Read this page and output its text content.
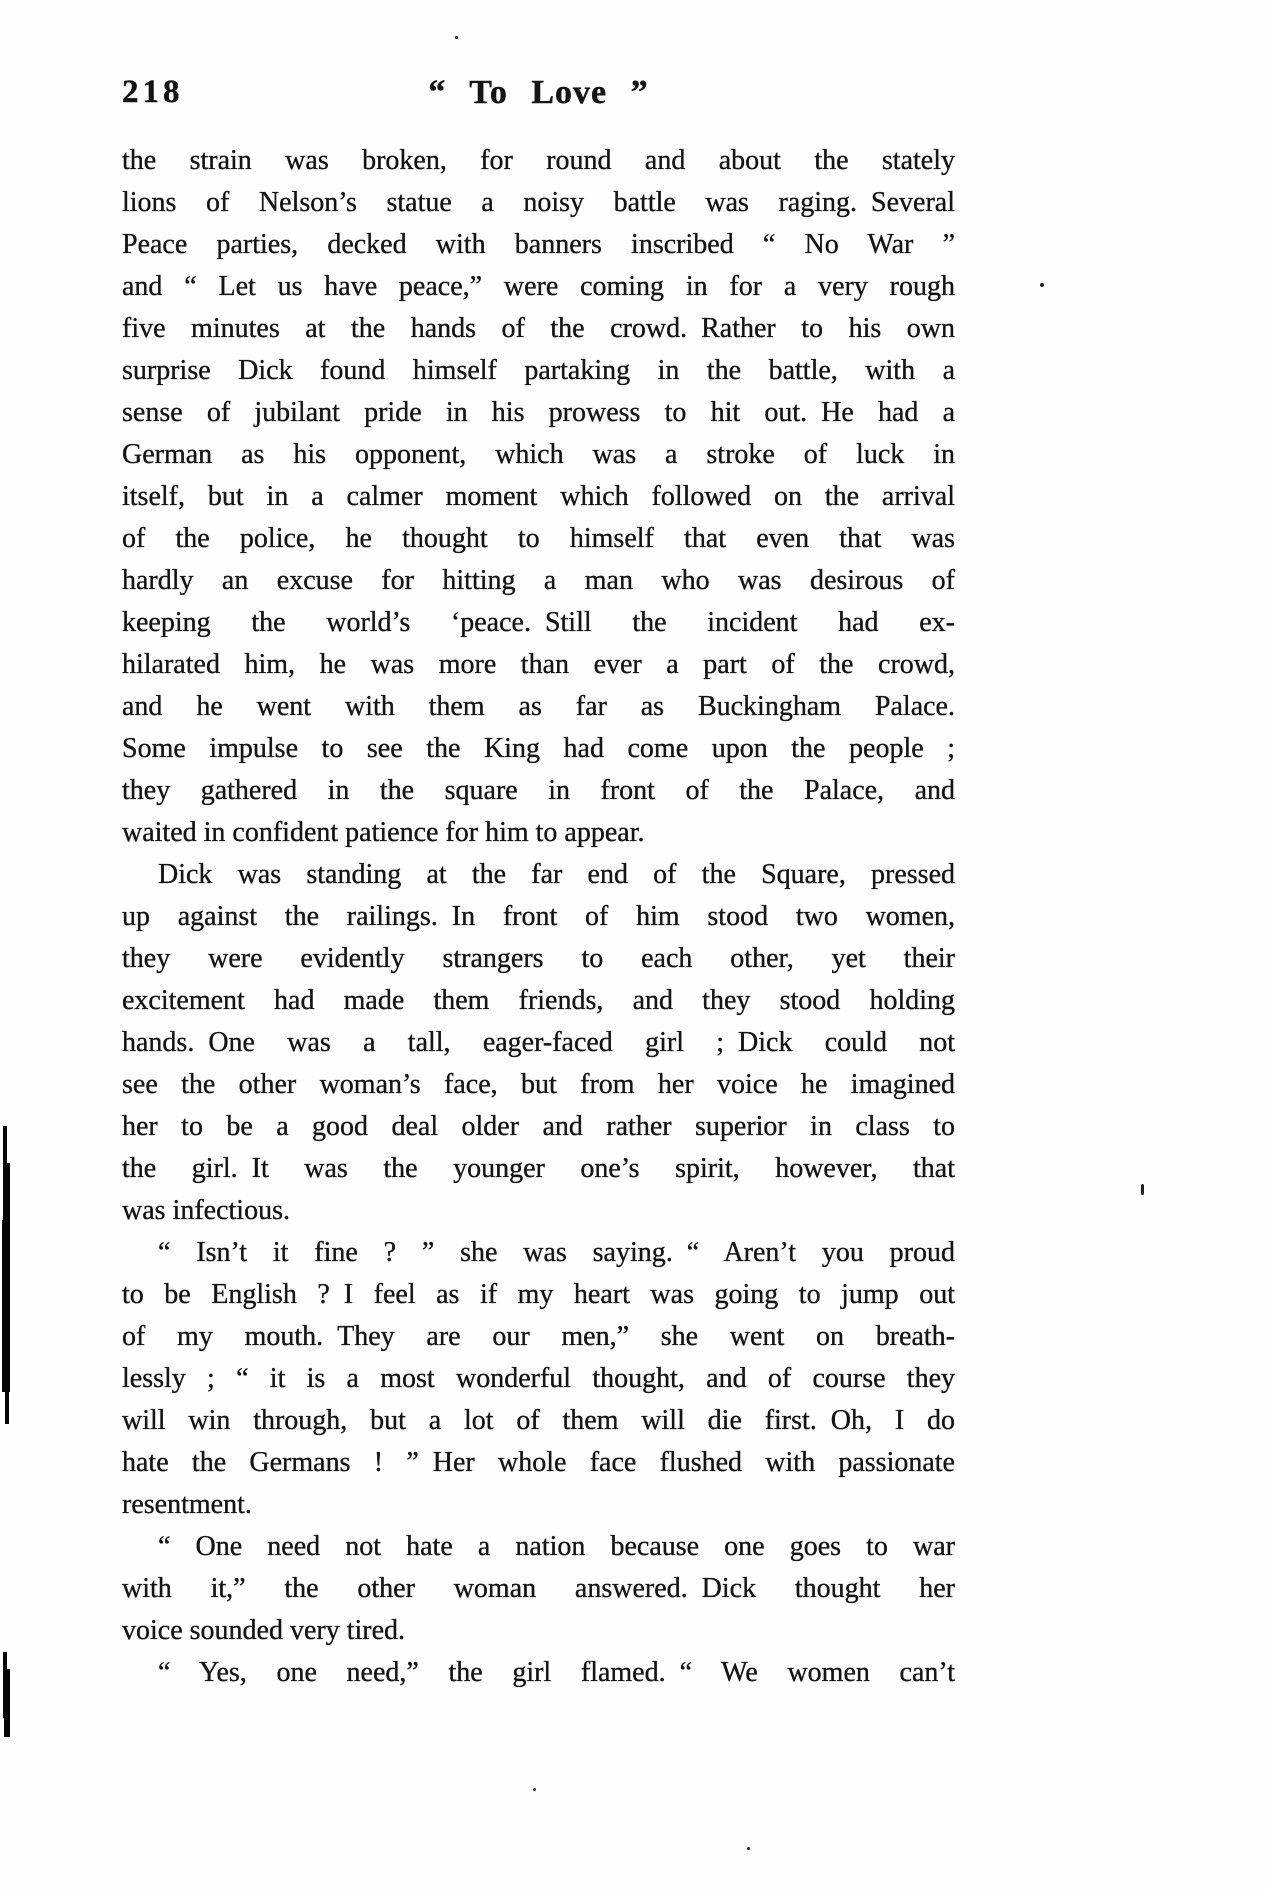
218	“ To Love ”
the strain was broken, for round and about the stately
lions of Nelson’s statue a noisy battle was raging. Several
Peace parties, decked with banners inscribed “ No War ”
and “ Let us have peace,” were coming in for a very rough
five minutes at the hands of the crowd. Rather to his own
surprise Dick found himself partaking in the battle, with a
sense of jubilant pride in his prowess to hit out. He had a
German as his opponent, which was a stroke of luck in
itself, but in a calmer moment which followed on the arrival
of the police, he thought to himself that even that was
hardly an excuse for hitting a man who was desirous of
keeping the world’s ‘peace. Still the incident had ex-
hilarated him, he was more than ever a part of the crowd,
and he went with them as far as Buckingham Palace.
Some impulse to see the King had come upon the people ;
they gathered in the square in front of the Palace, and
waited in confident patience for him to appear.
Dick was standing at the far end of the Square, pressed
up against the railings. In front of him stood two women,
they were evidently strangers to each other, yet their
excitement had made them friends, and they stood holding
hands. One was a tall, eager-faced girl ; Dick could not
see the other woman’s face, but from her voice he imagined
her to be a good deal older and rather superior in class to
the girl. It was the younger one’s spirit, however, that
was infectious.
“ Isn’t it fine ? ” she was saying. “ Aren’t you proud
to be English ? I feel as if my heart was going to jump out
of my mouth. They are our men,” she went on breath-
lessly ; “ it is a most wonderful thought, and of course they
will win through, but a lot of them will die first. Oh, I do
hate the Germans ! ” Her whole face flushed with passionate
resentment.
“ One need not hate a nation because one goes to war
with it,” the other woman answered. Dick thought her
voice sounded very tired.
“ Yes, one need,” the girl flamed. “ We women can’t
